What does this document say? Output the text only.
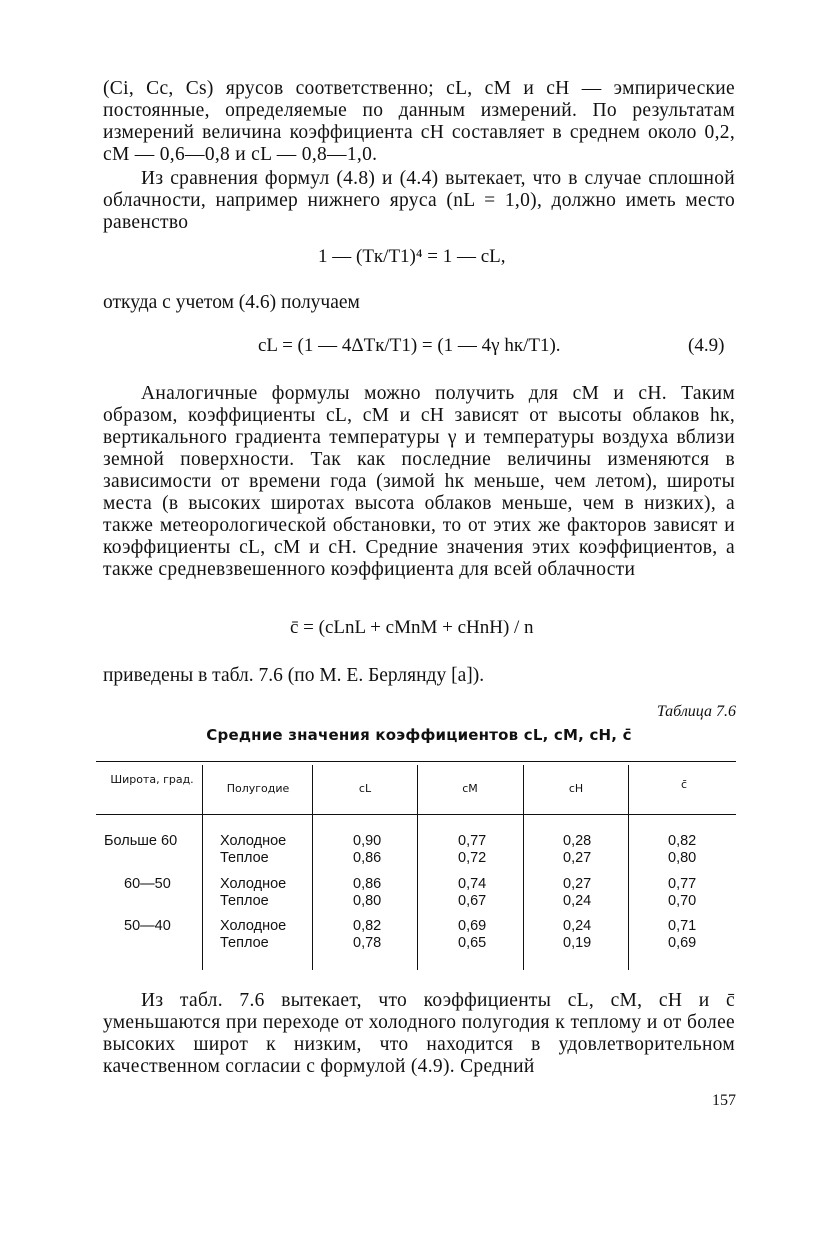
(Ci, Cc, Cs) ярусов соответственно; cL, cM и cH — эмпирические постоянные, определяемые по данным измерений. По результатам измерений величина коэффициента cH составляет в среднем около 0,2, cM — 0,6—0,8 и cL — 0,8—1,0.
Из сравнения формул (4.8) и (4.4) вытекает, что в случае сплошной облачности, например нижнего яруса (nL = 1,0), должно иметь место равенство
1 — (Tк/T1)⁴ = 1 — cL,
откуда с учетом (4.6) получаем
cL = (1 — 4ΔTк/T1) = (1 — 4γ hк/T1).	(4.9)
Аналогичные формулы можно получить для cM и cH. Таким образом, коэффициенты cL, cM и cH зависят от высоты облаков hк, вертикального градиента температуры γ и температуры воздуха вблизи земной поверхности. Так как последние величины изменяются в зависимости от времени года (зимой hк меньше, чем летом), широты места (в высоких широтах высота облаков меньше, чем в низких), а также метеорологической обстановки, то от этих же факторов зависят и коэффициенты cL, cM и cH. Средние значения этих коэффициентов, а также средневзвешенного коэффициента для всей облачности
c̄ = (cLnL + cMnM + cHnH) / n
приведены в табл. 7.6 (по М. Е. Берлянду [а]).
Таблица 7.6
Средние значения коэффициентов cL, cM, cH, c̄
Широта, град.
Полугодие	cL	cM	cH	c̄
Больше 60	Холодное	0,90	0,77	0,28	0,82
Теплое	0,86	0,72	0,27	0,80
60—50	Холодное	0,86	0,74	0,27	0,77
Теплое	0,80	0,67	0,24	0,70
50—40	Холодное	0,82	0,69	0,24	0,71
Теплое	0,78	0,65	0,19	0,69
Из табл. 7.6 вытекает, что коэффициенты cL, cM, cH и c̄ уменьшаются при переходе от холодного полугодия к теплому и от более высоких широт к низким, что находится в удовлетворительном качественном согласии с формулой (4.9). Средний
157
